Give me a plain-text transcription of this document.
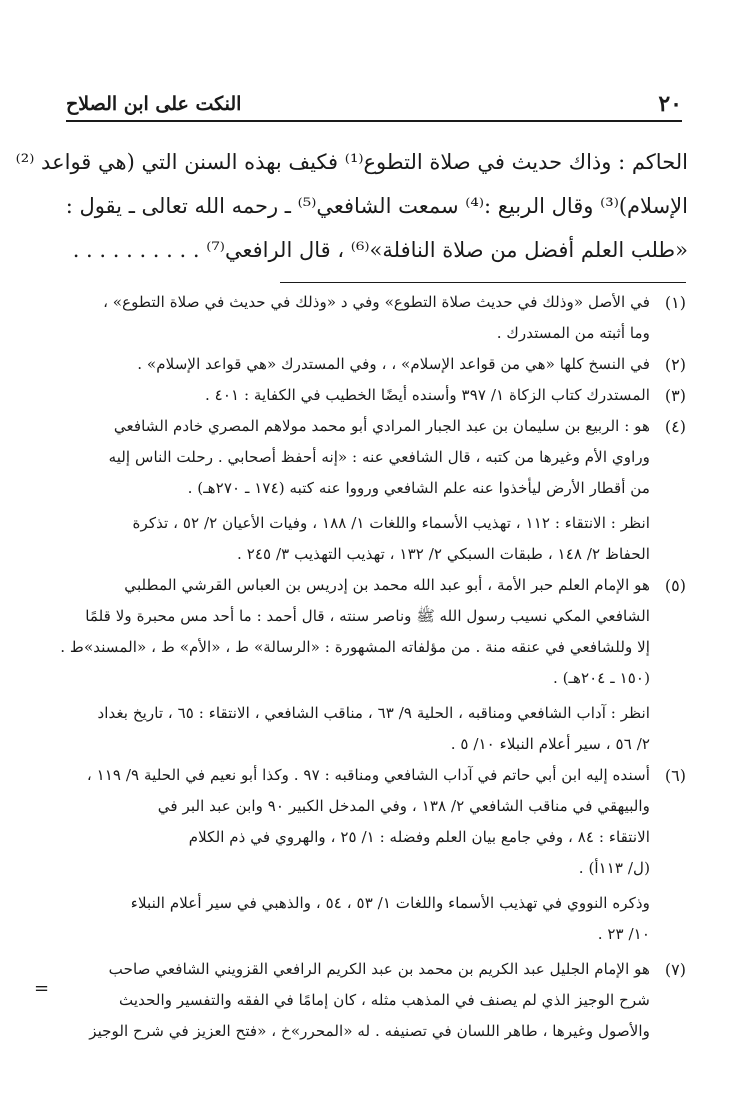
٢٠
النكت على ابن الصلاح
الحاكم : وذاك حديث في صلاة التطوع⁽¹⁾ فكيف بهذه السنن التي (هي قواعد ⁽²⁾
الإسلام)⁽³⁾ وقال الربيع :⁽⁴⁾ سمعت الشافعي⁽⁵⁾ ـ رحمه الله تعالى ـ يقول :
«طلب العلم أفضل من صلاة النافلة»⁽⁶⁾ ، قال الرافعي⁽⁷⁾ . . . . . . . . . .
(١)
في الأصل «وذلك في حديث صلاة التطوع» وفي د «وذلك في حديث في صلاة التطوع» ،
وما أثبته من المستدرك .
(٢)
في النسخ كلها «هي من قواعد الإسلام» ، ، وفي المستدرك «هي قواعد الإسلام» .
(٣)
المستدرك كتاب الزكاة ١/ ٣٩٧ وأسنده أيضًا الخطيب في الكفاية : ٤٠١ .
(٤)
هو : الربيع بن سليمان بن عبد الجبار المرادي أبو محمد مولاهم المصري خادم الشافعي
وراوي الأم وغيرها من كتبه ، قال الشافعي عنه : «إنه أحفظ أصحابي . رحلت الناس إليه
من أقطار الأرض ليأخذوا عنه علم الشافعي ورووا عنه كتبه (١٧٤ ـ ٢٧٠هـ) .
انظر : الانتقاء : ١١٢ ، تهذيب الأسماء واللغات ١/ ١٨٨ ، وفيات الأعيان ٢/ ٥٢ ، تذكرة
الحفاظ ٢/ ١٤٨ ، طبقات السبكي ٢/ ١٣٢ ، تهذيب التهذيب ٣/ ٢٤٥ .
(٥)
هو الإمام العلم حبر الأمة ، أبو عبد الله محمد بن إدريس بن العباس القرشي المطلبي
الشافعي المكي نسيب رسول الله ﷺ وناصر سنته ، قال أحمد : ما أحد مس محبرة ولا قلمًا
إلا وللشافعي في عنقه منة . من مؤلفاته المشهورة : «الرسالة» ط ، «الأم» ط ، «المسند»ط .
(١٥٠ ـ ٢٠٤هـ) .
انظر : آداب الشافعي ومناقبه ، الحلية ٩/ ٦٣ ، مناقب الشافعي ، الانتقاء : ٦٥ ، تاريخ بغداد
٢/ ٥٦ ، سير أعلام النبلاء ١٠/ ٥ .
(٦)
أسنده إليه ابن أبي حاتم في آداب الشافعي ومناقبه : ٩٧ . وكذا أبو نعيم في الحلية ٩/ ١١٩ ،
والبيهقي في مناقب الشافعي ٢/ ١٣٨ ، وفي المدخل الكبير ٩٠ وابن عبد البر في
الانتقاء : ٨٤ ، وفي جامع بيان العلم وفضله : ١/ ٢٥ ، والهروي في ذم الكلام
(ل/ ١١٣أ) .
وذكره النووي في تهذيب الأسماء واللغات ١/ ٥٣ ، ٥٤ ، والذهبي في سير أعلام النبلاء
١٠/ ٢٣ .
(٧)
هو الإمام الجليل عبد الكريم بن محمد بن عبد الكريم الرافعي القزويني الشافعي صاحب
شرح الوجيز الذي لم يصنف في المذهب مثله ، كان إمامًا في الفقه والتفسير والحديث
والأصول وغيرها ، طاهر اللسان في تصنيفه . له «المحرر»خ ، «فتح العزيز في شرح الوجيز
=
